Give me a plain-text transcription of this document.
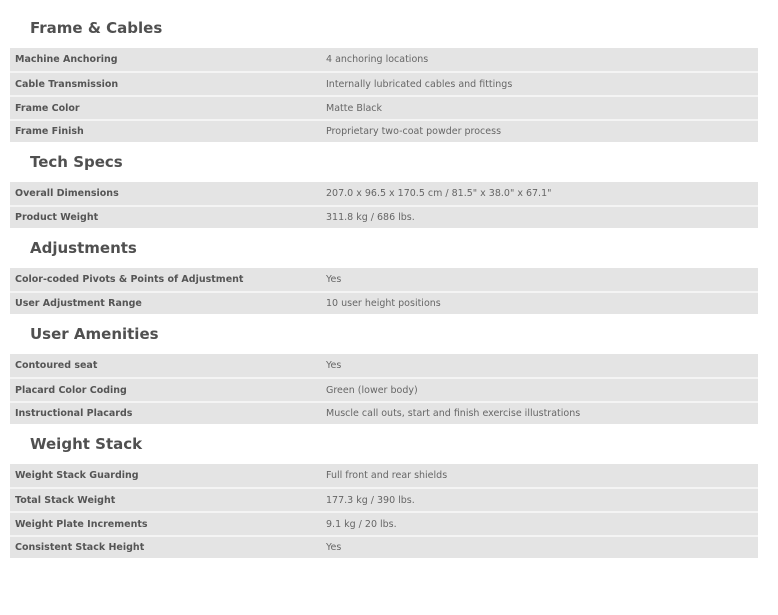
Frame & Cables
Machine Anchoring	4 anchoring locations
Cable Transmission	Internally lubricated cables and fittings
Frame Color	Matte Black
Frame Finish	Proprietary two-coat powder process
Tech Specs
Overall Dimensions	207.0 x 96.5 x 170.5 cm / 81.5" x 38.0" x 67.1"
Product Weight	311.8 kg / 686 lbs.
Adjustments
Color-coded Pivots & Points of Adjustment	Yes
User Adjustment Range	10 user height positions
User Amenities
Contoured seat	Yes
Placard Color Coding	Green (lower body)
Instructional Placards	Muscle call outs, start and finish exercise illustrations
Weight Stack
Weight Stack Guarding	Full front and rear shields
Total Stack Weight	177.3 kg / 390 lbs.
Weight Plate Increments	9.1 kg / 20 lbs.
Consistent Stack Height	Yes
